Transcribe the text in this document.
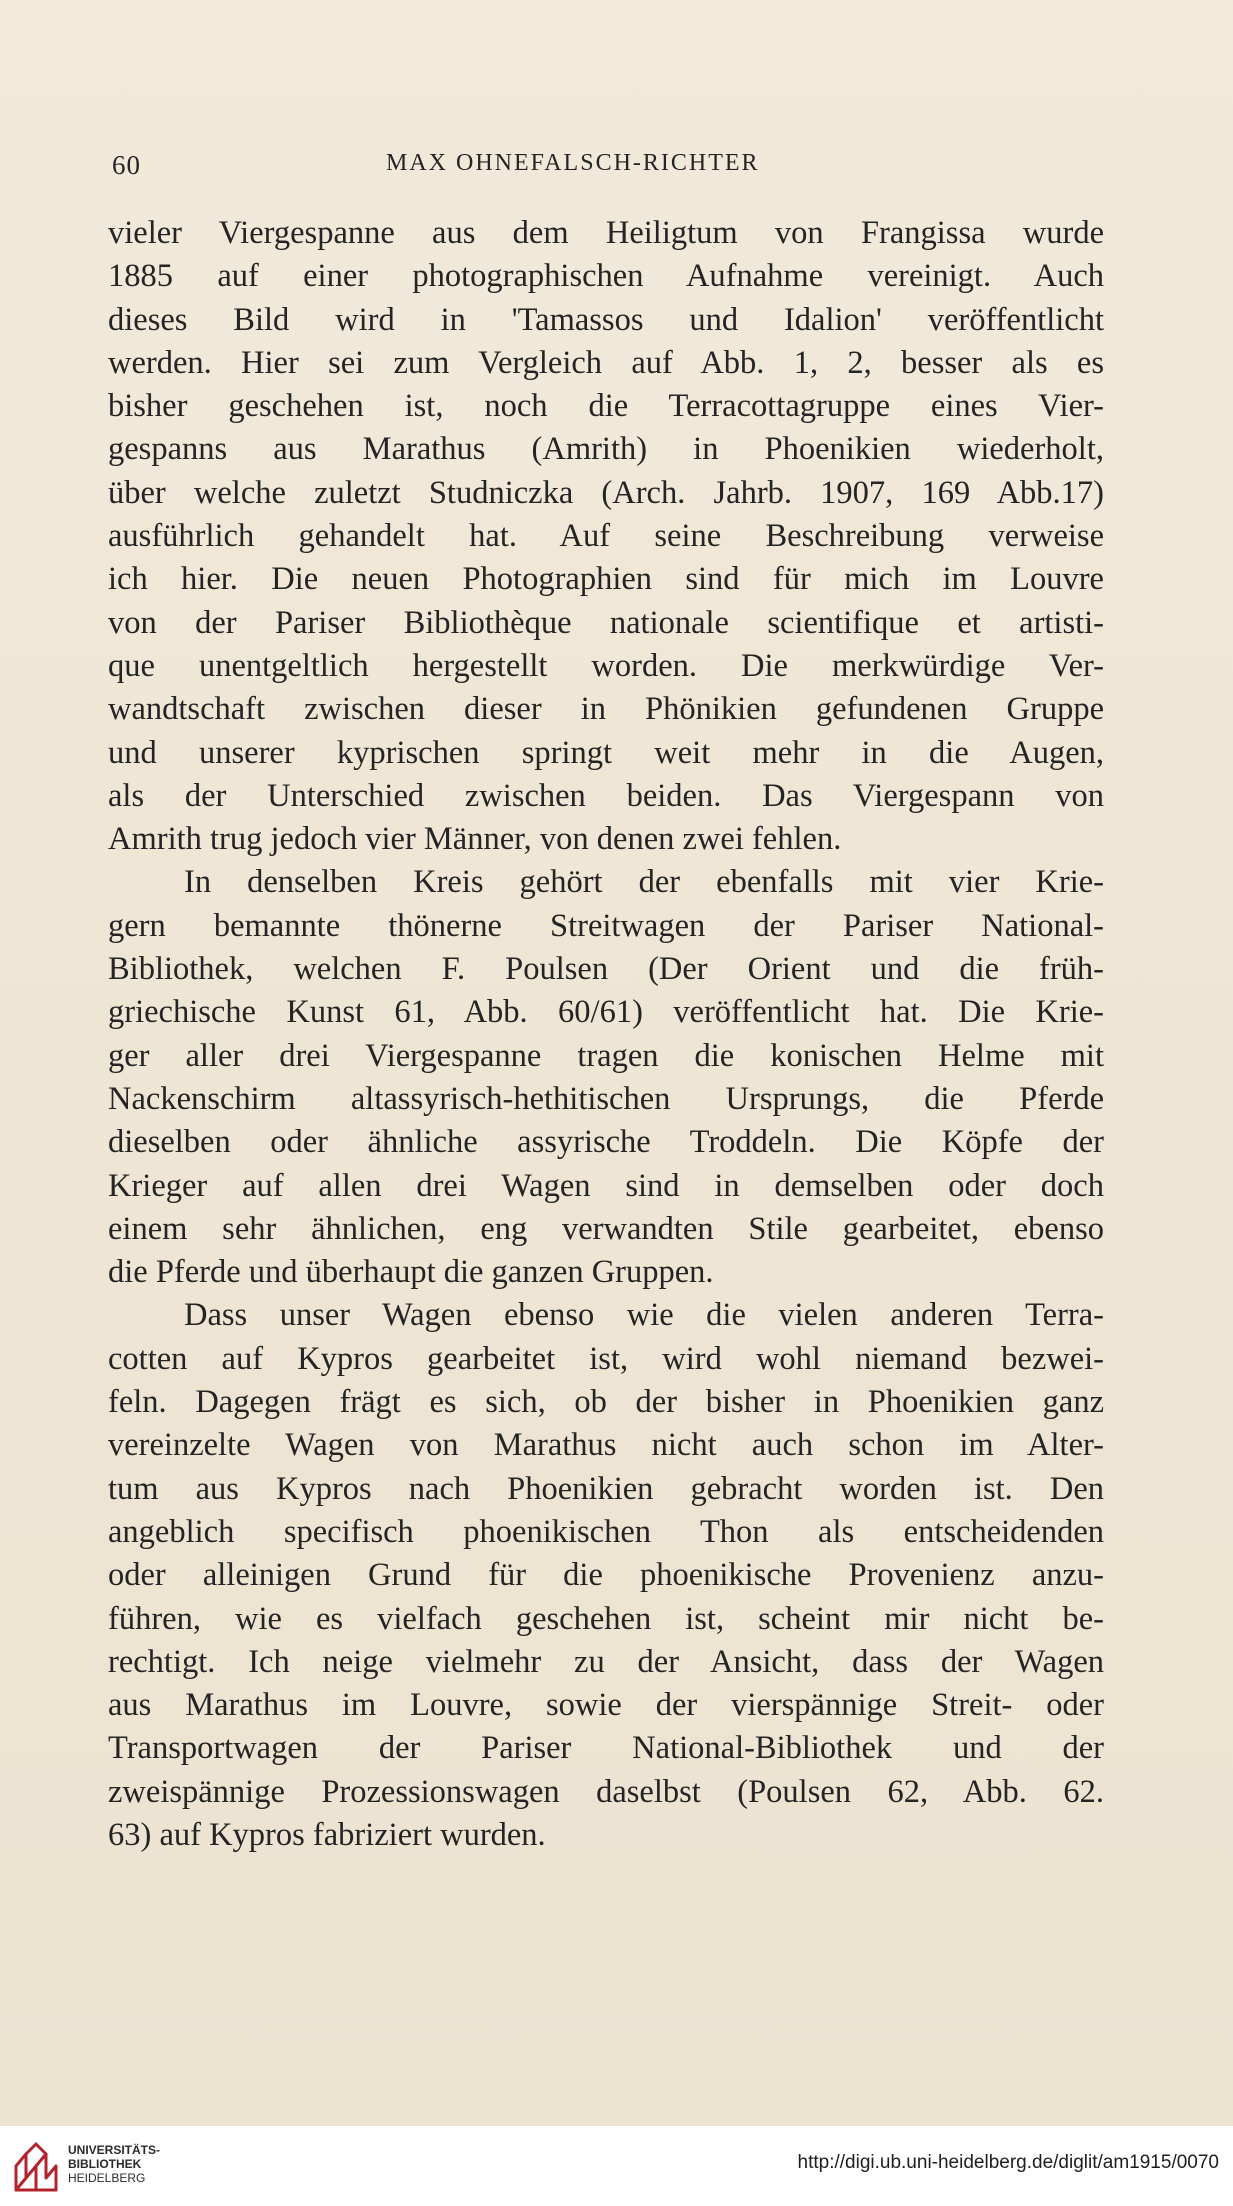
60	MAX OHNEFALSCH-RICHTER
vieler Viergespanne aus dem Heiligtum von Frangissa wurde
1885 auf einer photographischen Aufnahme vereinigt. Auch
dieses Bild wird in 'Tamassos und Idalion' veröffentlicht
werden. Hier sei zum Vergleich auf Abb. 1, 2, besser als es
bisher geschehen ist, noch die Terracottagruppe eines Vier-
gespanns aus Marathus (Amrith) in Phoenikien wiederholt,
über welche zuletzt Studniczka (Arch. Jahrb. 1907, 169 Abb.17)
ausführlich gehandelt hat. Auf seine Beschreibung verweise
ich hier. Die neuen Photographien sind für mich im Louvre
von der Pariser Bibliothèque nationale scientifique et artisti-
que unentgeltlich hergestellt worden. Die merkwürdige Ver-
wandtschaft zwischen dieser in Phönikien gefundenen Gruppe
und unserer kyprischen springt weit mehr in die Augen,
als der Unterschied zwischen beiden. Das Viergespann von
Amrith trug jedoch vier Männer, von denen zwei fehlen.
In denselben Kreis gehört der ebenfalls mit vier Krie-
gern bemannte thönerne Streitwagen der Pariser National-
Bibliothek, welchen F. Poulsen (Der Orient und die früh-
griechische Kunst 61, Abb. 60/61) veröffentlicht hat. Die Krie-
ger aller drei Viergespanne tragen die konischen Helme mit
Nackenschirm altassyrisch-hethitischen Ursprungs, die Pferde
dieselben oder ähnliche assyrische Troddeln. Die Köpfe der
Krieger auf allen drei Wagen sind in demselben oder doch
einem sehr ähnlichen, eng verwandten Stile gearbeitet, ebenso
die Pferde und überhaupt die ganzen Gruppen.
Dass unser Wagen ebenso wie die vielen anderen Terra-
cotten auf Kypros gearbeitet ist, wird wohl niemand bezwei-
feln. Dagegen frägt es sich, ob der bisher in Phoenikien ganz
vereinzelte Wagen von Marathus nicht auch schon im Alter-
tum aus Kypros nach Phoenikien gebracht worden ist. Den
angeblich specifisch phoenikischen Thon als entscheidenden
oder alleinigen Grund für die phoenikische Provenienz anzu-
führen, wie es vielfach geschehen ist, scheint mir nicht be-
rechtigt. Ich neige vielmehr zu der Ansicht, dass der Wagen
aus Marathus im Louvre, sowie der vierspännige Streit- oder
Transportwagen der Pariser National-Bibliothek und der
zweispännige Prozessionswagen daselbst (Poulsen 62, Abb. 62.
63) auf Kypros fabriziert wurden.
UNIVERSITÄTS-
BIBLIOTHEK
HEIDELBERG
http://digi.ub.uni-heidelberg.de/diglit/am1915/0070
